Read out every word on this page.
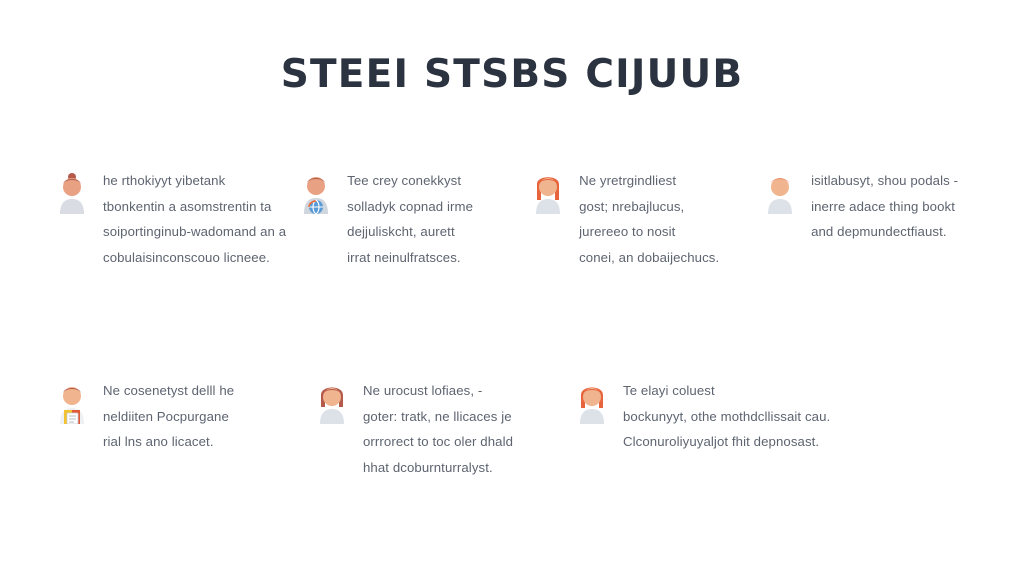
STEEI STSBS CIJUUB
he rthokiyyt yibetank
tbonkentin a asomstrentin ta
soiportinginub-wadomand an a
cobulaisinconscouo licneee.
Tee crey conekkyst
solladyk copnad irme
dejjuliskcht, aurett
irrat neinulfratsces.
Ne yretrgindliest
gost; nrebajlucus,
jurereeo to nosit
conei, an dobaijechucs.
isitlabusyt, shou podals -
inerre adace thing bookt
and depmundectfiaust.
Ne cosenetyst delll he
neldiiten Pocpurgane
rial lns ano licacet.
Ne urocust lofiaes, -
goter: tratk, ne llicaces je
orrrorect to toc oler dhald
hhat dcoburnturralyst.
Te elayi coluest
bockunyyt, othe mothdcllissait cau.
Clconuroliyuyaljot fhit depnosast.
